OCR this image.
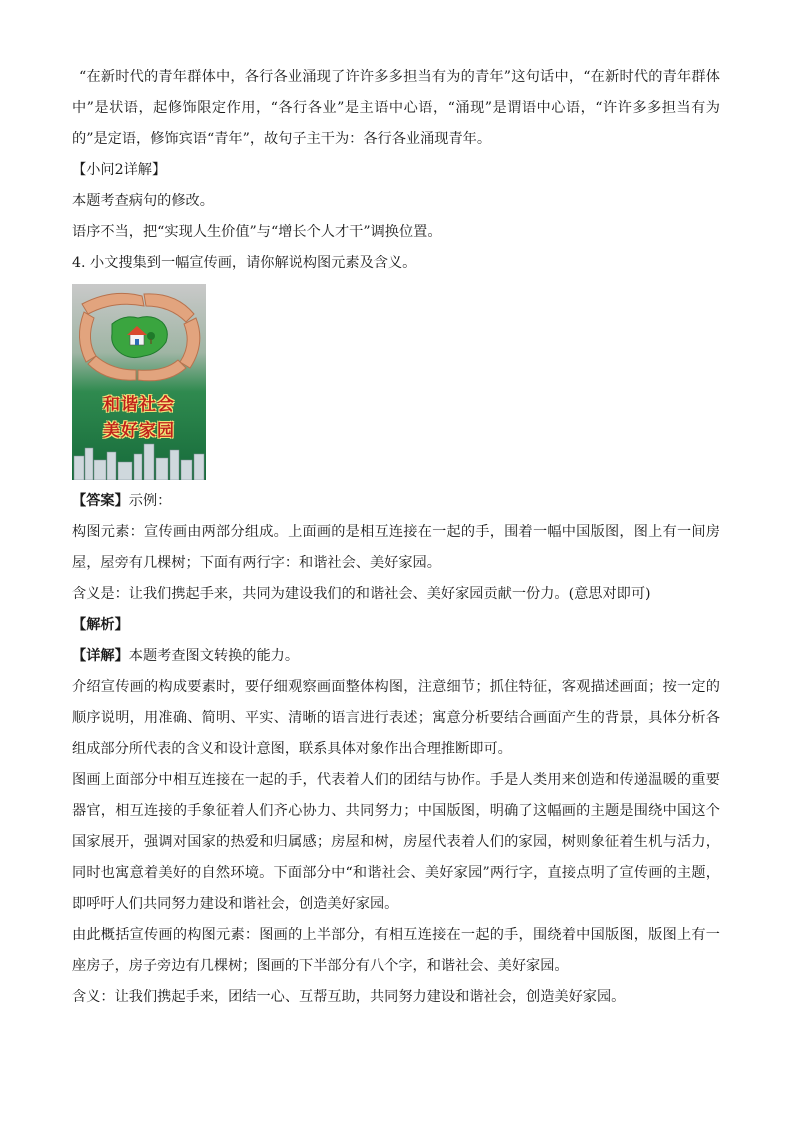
“在新时代的青年群体中，各行各业涌现了许许多多担当有为的青年”这句话中，“在新时代的青年群体中”是状语，起修饰限定作用，“各行各业”是主语中心语，“涌现”是谓语中心语，“许许多多担当有为的”是定语，修饰宾语“青年”，故句子主干为：各行各业涌现青年。

【小问2详解】

本题考查病句的修改。

语序不当，把“实现人生价值”与“增长个人才干”调换位置。

4. 小文搜集到一幅宣传画，请你解说构图元素及含义。

和谐社会
美好家园

【答案】示例：

构图元素：宣传画由两部分组成。上面画的是相互连接在一起的手，围着一幅中国版图，图上有一间房屋，屋旁有几棵树；下面有两行字：和谐社会、美好家园。

含义是：让我们携起手来，共同为建设我们的和谐社会、美好家园贡献一份力。(意思对即可)

【解析】

【详解】本题考查图文转换的能力。

介绍宣传画的构成要素时，要仔细观察画面整体构图，注意细节；抓住特征，客观描述画面；按一定的顺序说明，用准确、简明、平实、清晰的语言进行表述；寓意分析要结合画面产生的背景，具体分析各组成部分所代表的含义和设计意图，联系具体对象作出合理推断即可。

图画上面部分中相互连接在一起的手，代表着人们的团结与协作。手是人类用来创造和传递温暖的重要器官，相互连接的手象征着人们齐心协力、共同努力；中国版图，明确了这幅画的主题是围绕中国这个国家展开，强调对国家的热爱和归属感；房屋和树，房屋代表着人们的家园，树则象征着生机与活力，同时也寓意着美好的自然环境。下面部分中“和谐社会、美好家园”两行字，直接点明了宣传画的主题，即呼吁人们共同努力建设和谐社会，创造美好家园。

由此概括宣传画的构图元素：图画的上半部分，有相互连接在一起的手，围绕着中国版图，版图上有一座房子，房子旁边有几棵树；图画的下半部分有八个字，和谐社会、美好家园。

含义：让我们携起手来，团结一心、互帮互助，共同努力建设和谐社会，创造美好家园。
